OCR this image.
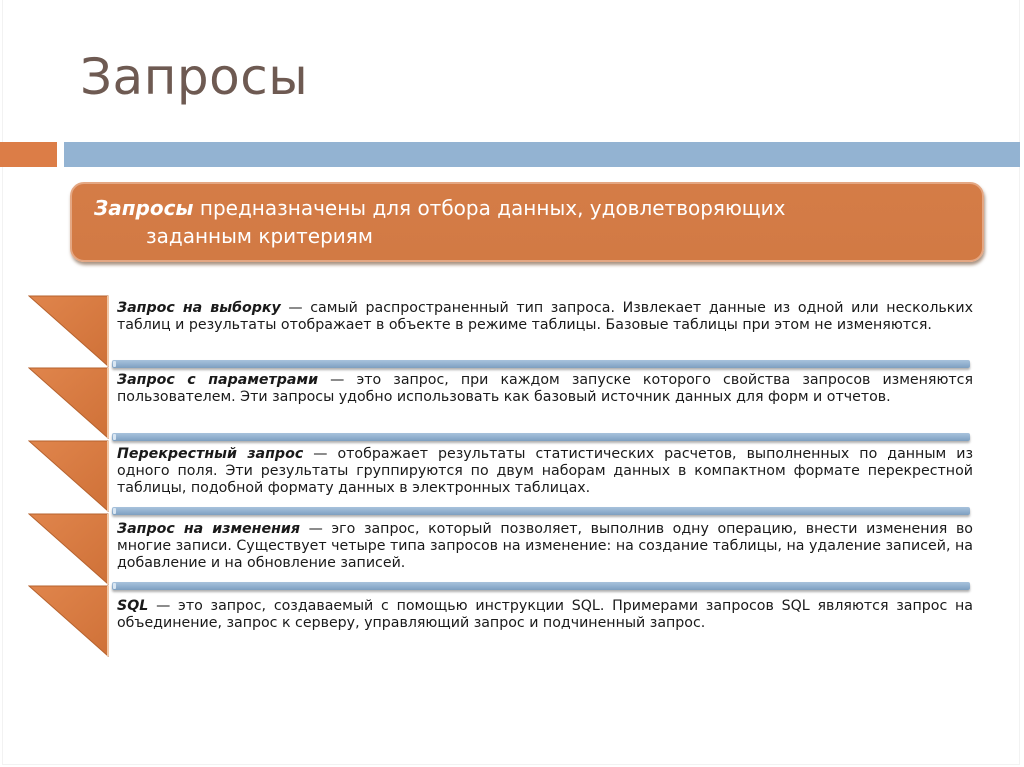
Запросы
Запросы предназначены для отбора данных, удовлетворяющих
заданным критериям
Запрос на выборку — самый распространенный тип запроса. Извлекает данные из одной или нескольких таблиц и результаты отображает в объекте в режиме таблицы. Базовые таблицы при этом не изменяются.
Запрос с параметрами — это запрос, при каждом запуске которого свойства запросов изменяются пользователем. Эти запросы удобно использовать как базовый источник данных для форм и отчетов.
Перекрестный запрос — отображает результаты статистических расчетов, выполненных по данным из одного поля. Эти результаты группируются по двум наборам данных в компактном формате перекрестной таблицы, подобной формату данных в электронных таблицах.
Запрос на изменения — эго запрос, который позволяет, выполнив одну операцию, внести изменения во многие записи. Существует четыре типа запросов на изменение: на создание таблицы, на удаление записей, на добавление и на обновление записей.
SQL — это запрос, создаваемый с помощью инструкции SQL. Примерами запросов SQL являются запрос на объединение, запрос к серверу, управляющий запрос и подчиненный запрос.
